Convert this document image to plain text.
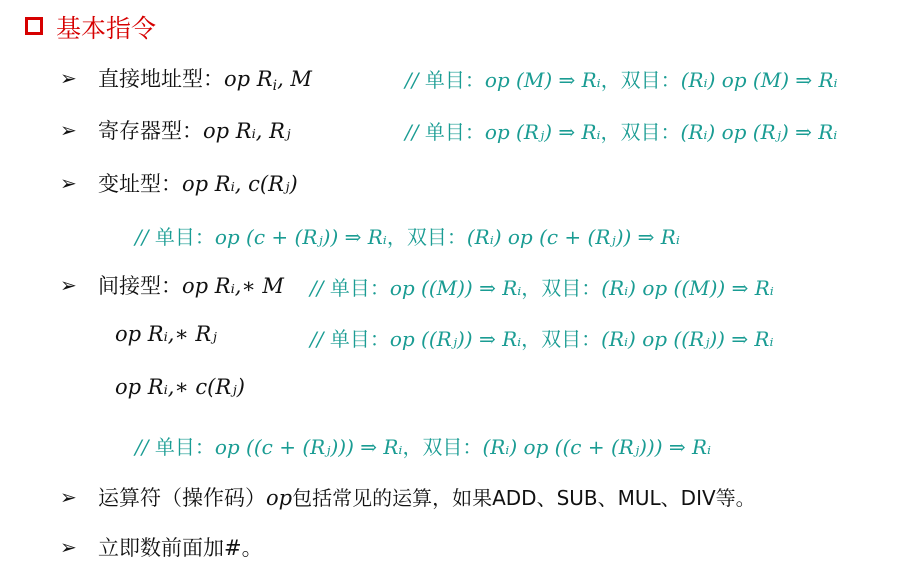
基本指令
➢ 直接地址型：op $R_i$, M	// 单目：op (M) ⇒ Rᵢ，双目：(Rᵢ) op (M) ⇒ Rᵢ
➢ 寄存器型：op Rᵢ, Rⱼ	// 单目：op (Rⱼ) ⇒ Rᵢ，双目：(Rᵢ) op (Rⱼ) ⇒ Rᵢ
➢ 变址型：op Rᵢ, c(Rⱼ)
// 单目：op (c + (Rⱼ)) ⇒ Rᵢ，双目：(Rᵢ) op (c + (Rⱼ)) ⇒ Rᵢ
➢ 间接型：op Rᵢ,∗ M // 单目：op ((M)) ⇒ Rᵢ，双目：(Rᵢ) op ((M)) ⇒ Rᵢ
op Rᵢ,∗ Rⱼ	// 单目：op ((Rⱼ)) ⇒ Rᵢ，双目：(Rᵢ) op ((Rⱼ)) ⇒ Rᵢ
op Rᵢ,∗ c(Rⱼ)
// 单目：op ((c + (Rⱼ))) ⇒ Rᵢ，双目：(Rᵢ) op ((c + (Rⱼ))) ⇒ Rᵢ
➢ 运算符（操作码）op包括常见的运算，如果ADD、SUB、MUL、DIV等。
➢ 立即数前面加#。
